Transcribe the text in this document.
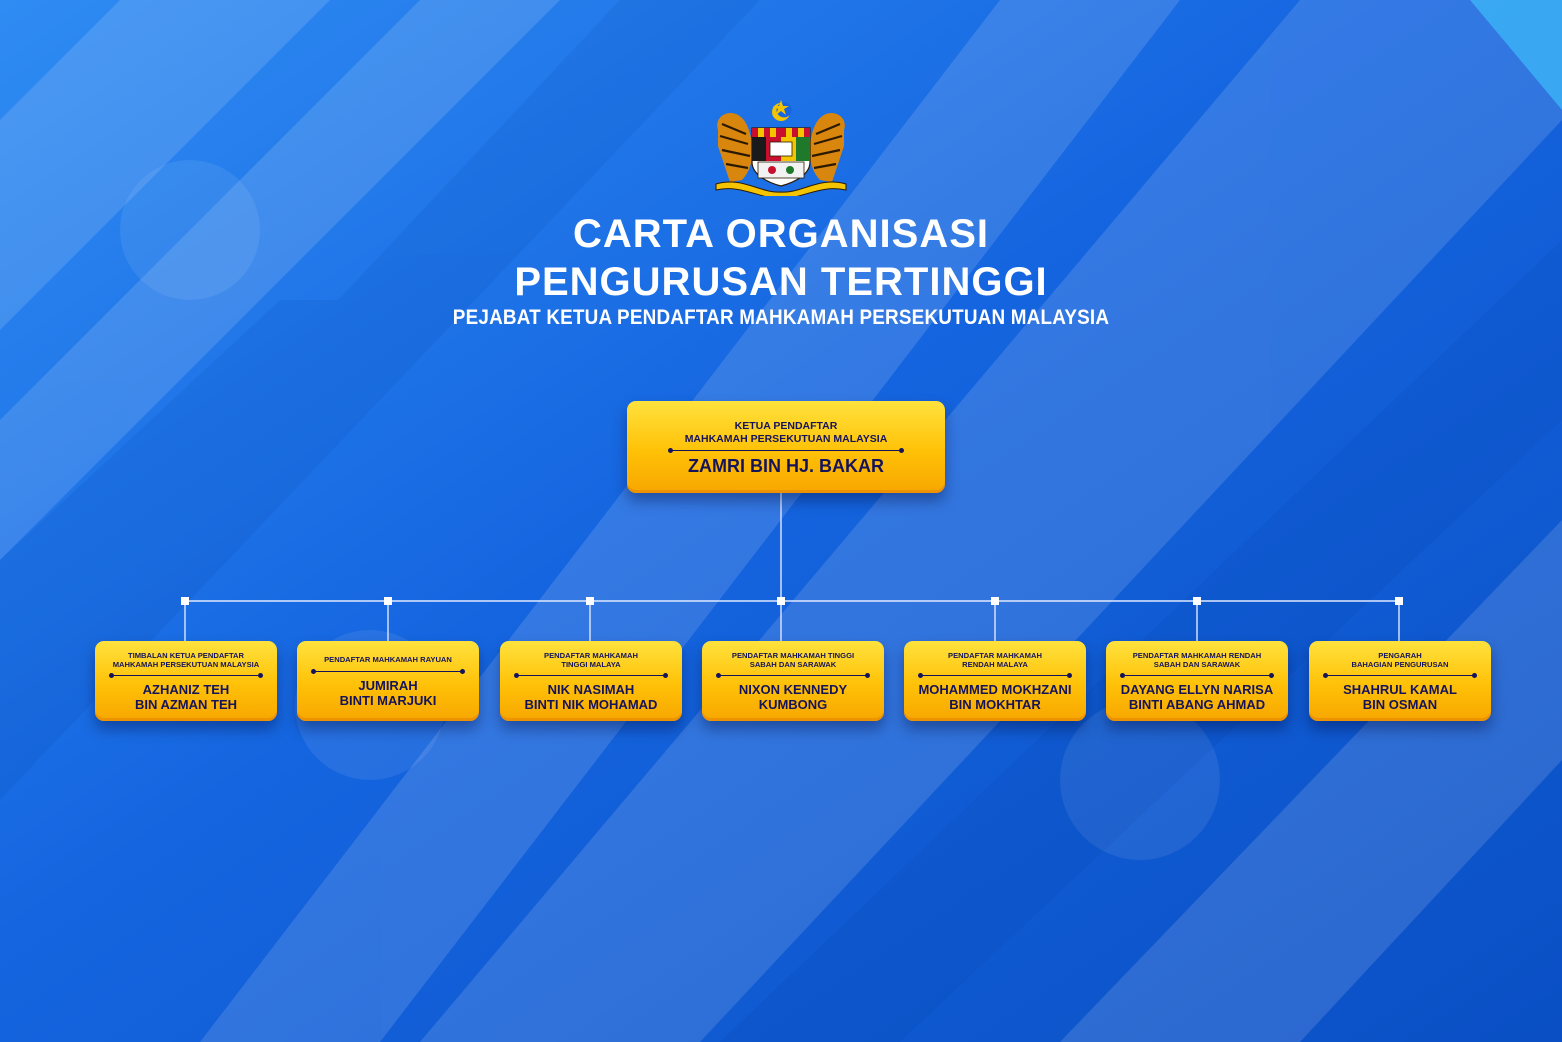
CARTA ORGANISASI
PENGURUSAN TERTINGGI
PEJABAT KETUA PENDAFTAR MAHKAMAH PERSEKUTUAN MALAYSIA
KETUA PENDAFTAR
MAHKAMAH PERSEKUTUAN MALAYSIA
ZAMRI BIN HJ. BAKAR
TIMBALAN KETUA PENDAFTAR
MAHKAMAH PERSEKUTUAN MALAYSIA
AZHANIZ TEH
BIN AZMAN TEH
PENDAFTAR MAHKAMAH RAYUAN
JUMIRAH
BINTI MARJUKI
PENDAFTAR MAHKAMAH
TINGGI MALAYA
NIK NASIMAH
BINTI NIK MOHAMAD
PENDAFTAR MAHKAMAH TINGGI
SABAH DAN SARAWAK
NIXON KENNEDY
KUMBONG
PENDAFTAR MAHKAMAH
RENDAH MALAYA
MOHAMMED MOKHZANI
BIN MOKHTAR
PENDAFTAR MAHKAMAH RENDAH
SABAH DAN SARAWAK
DAYANG ELLYN NARISA
BINTI ABANG AHMAD
PENGARAH
BAHAGIAN PENGURUSAN
SHAHRUL KAMAL
BIN OSMAN
